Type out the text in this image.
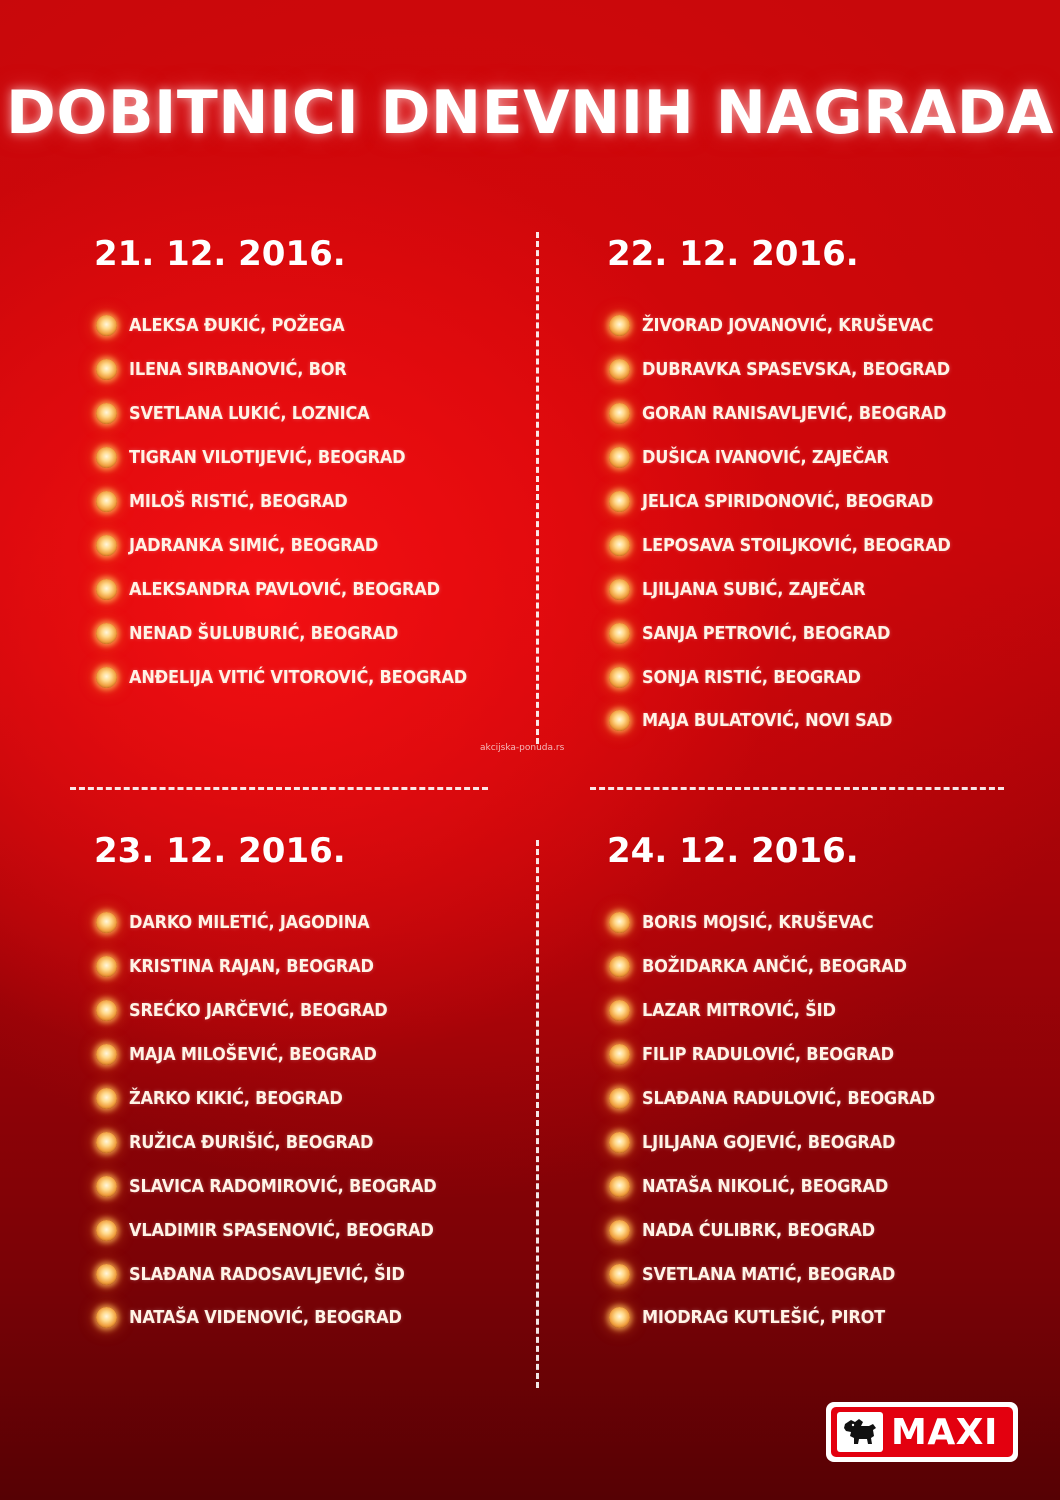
DOBITNICI DNEVNIH NAGRADA
akcijska-ponuda.rs
21. 12. 2016.
ALEKSA ĐUKIĆ, POŽEGA
ILENA SIRBANOVIĆ, BOR
SVETLANA LUKIĆ, LOZNICA
TIGRAN VILOTIJEVIĆ, BEOGRAD
MILOŠ RISTIĆ, BEOGRAD
JADRANKA SIMIĆ, BEOGRAD
ALEKSANDRA PAVLOVIĆ, BEOGRAD
NENAD ŠULUBURIĆ, BEOGRAD
ANĐELIJA VITIĆ VITOROVIĆ, BEOGRAD
22. 12. 2016.
ŽIVORAD JOVANOVIĆ, KRUŠEVAC
DUBRAVKA SPASEVSKA, BEOGRAD
GORAN RANISAVLJEVIĆ, BEOGRAD
DUŠICA IVANOVIĆ, ZAJEČAR
JELICA SPIRIDONOVIĆ, BEOGRAD
LEPOSAVA STOILJKOVIĆ, BEOGRAD
LJILJANA SUBIĆ, ZAJEČAR
SANJA PETROVIĆ, BEOGRAD
SONJA RISTIĆ, BEOGRAD
MAJA BULATOVIĆ, NOVI SAD
23. 12. 2016.
DARKO MILETIĆ, JAGODINA
KRISTINA RAJAN, BEOGRAD
SREĆKO JARČEVIĆ, BEOGRAD
MAJA MILOŠEVIĆ, BEOGRAD
ŽARKO KIKIĆ, BEOGRAD
RUŽICA ĐURIŠIĆ, BEOGRAD
SLAVICA RADOMIROVIĆ, BEOGRAD
VLADIMIR SPASENOVIĆ, BEOGRAD
SLAĐANA RADOSAVLJEVIĆ, ŠID
NATAŠA VIDENOVIĆ, BEOGRAD
24. 12. 2016.
BORIS MOJSIĆ, KRUŠEVAC
BOŽIDARKA ANČIĆ, BEOGRAD
LAZAR MITROVIĆ, ŠID
FILIP RADULOVIĆ, BEOGRAD
SLAĐANA RADULOVIĆ, BEOGRAD
LJILJANA GOJEVIĆ, BEOGRAD
NATAŠA NIKOLIĆ, BEOGRAD
NADA ĆULIBRK, BEOGRAD
SVETLANA MATIĆ, BEOGRAD
MIODRAG KUTLEŠIĆ, PIROT
MAXI
